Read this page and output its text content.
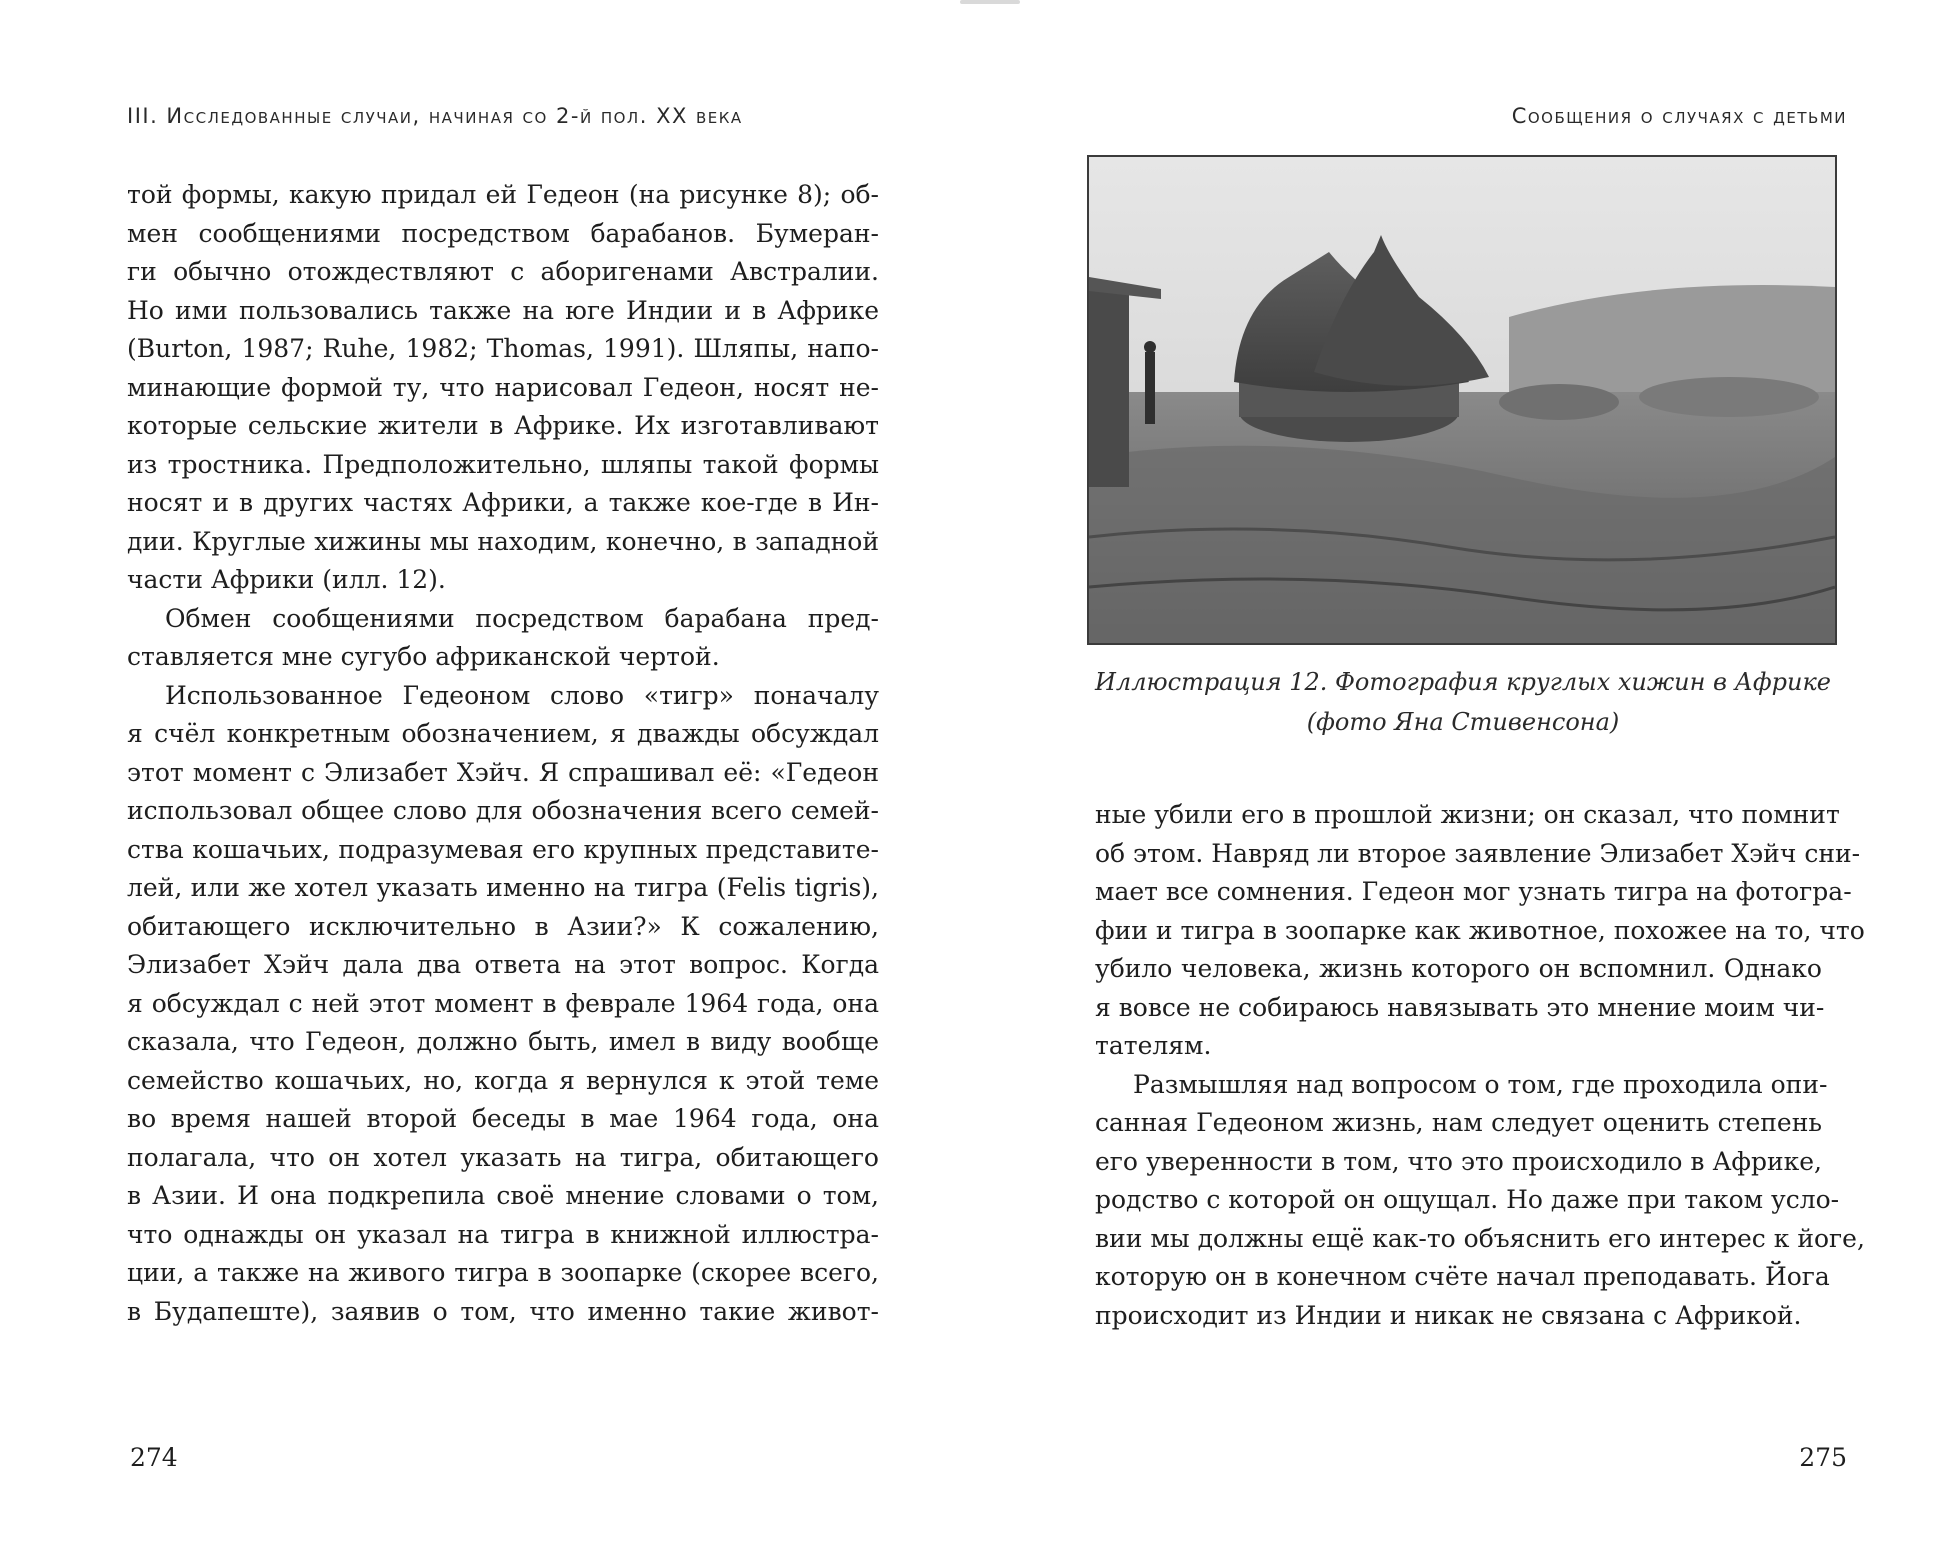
III. Исследованные случаи, начиная со 2-й пол. XX века

той формы, какую придал ей Гедеон (на рисунке 8); об-
мен сообщениями посредством барабанов. Бумеран-
ги обычно отождествляют с аборигенами Австралии.
Но ими пользовались также на юге Индии и в Африке
(Burton, 1987; Ruhe, 1982; Thomas, 1991). Шляпы, напо-
минающие формой ту, что нарисовал Гедеон, носят не-
которые сельские жители в Африке. Их изготавливают
из тростника. Предположительно, шляпы такой формы
носят и в других частях Африки, а также кое-где в Ин-
дии. Круглые хижины мы находим, конечно, в западной
части Африки (илл. 12).

Обмен сообщениями посредством барабана пред-
ставляется мне сугубо африканской чертой.

Использованное Гедеоном слово «тигр» поначалу
я счёл конкретным обозначением, я дважды обсуждал
этот момент с Элизабет Хэйч. Я спрашивал её: «Гедеон
использовал общее слово для обозначения всего семей-
ства кошачьих, подразумевая его крупных представите-
лей, или же хотел указать именно на тигра (Felis tigris),
обитающего исключительно в Азии?» К сожалению,
Элизабет Хэйч дала два ответа на этот вопрос. Когда
я обсуждал с ней этот момент в феврале 1964 года, она
сказала, что Гедеон, должно быть, имел в виду вообще
семейство кошачьих, но, когда я вернулся к этой теме
во время нашей второй беседы в мае 1964 года, она
полагала, что он хотел указать на тигра, обитающего
в Азии. И она подкрепила своё мнение словами о том,
что однажды он указал на тигра в книжной иллюстра-
ции, а также на живого тигра в зоопарке (скорее всего,
в Будапеште), заявив о том, что именно такие живот-

274
Сообщения о случаях с детьми
Иллюстрация 12. Фотография круглых хижин в Африке
(фото Яна Стивенсона)

ные убили его в прошлой жизни; он сказал, что помнит
об этом. Навряд ли второе заявление Элизабет Хэйч сни-
мает все сомнения. Гедеон мог узнать тигра на фотогра-
фии и тигра в зоопарке как животное, похожее на то, что
убило человека, жизнь которого он вспомнил. Однако
я вовсе не собираюсь навязывать это мнение моим чи-
тателям.

Размышляя над вопросом о том, где проходила опи-
санная Гедеоном жизнь, нам следует оценить степень
его уверенности в том, что это происходило в Африке,
родство с которой он ощущал. Но даже при таком усло-
вии мы должны ещё как-то объяснить его интерес к йоге,
которую он в конечном счёте начал преподавать. Йога
происходит из Индии и никак не связана с Африкой.

275
